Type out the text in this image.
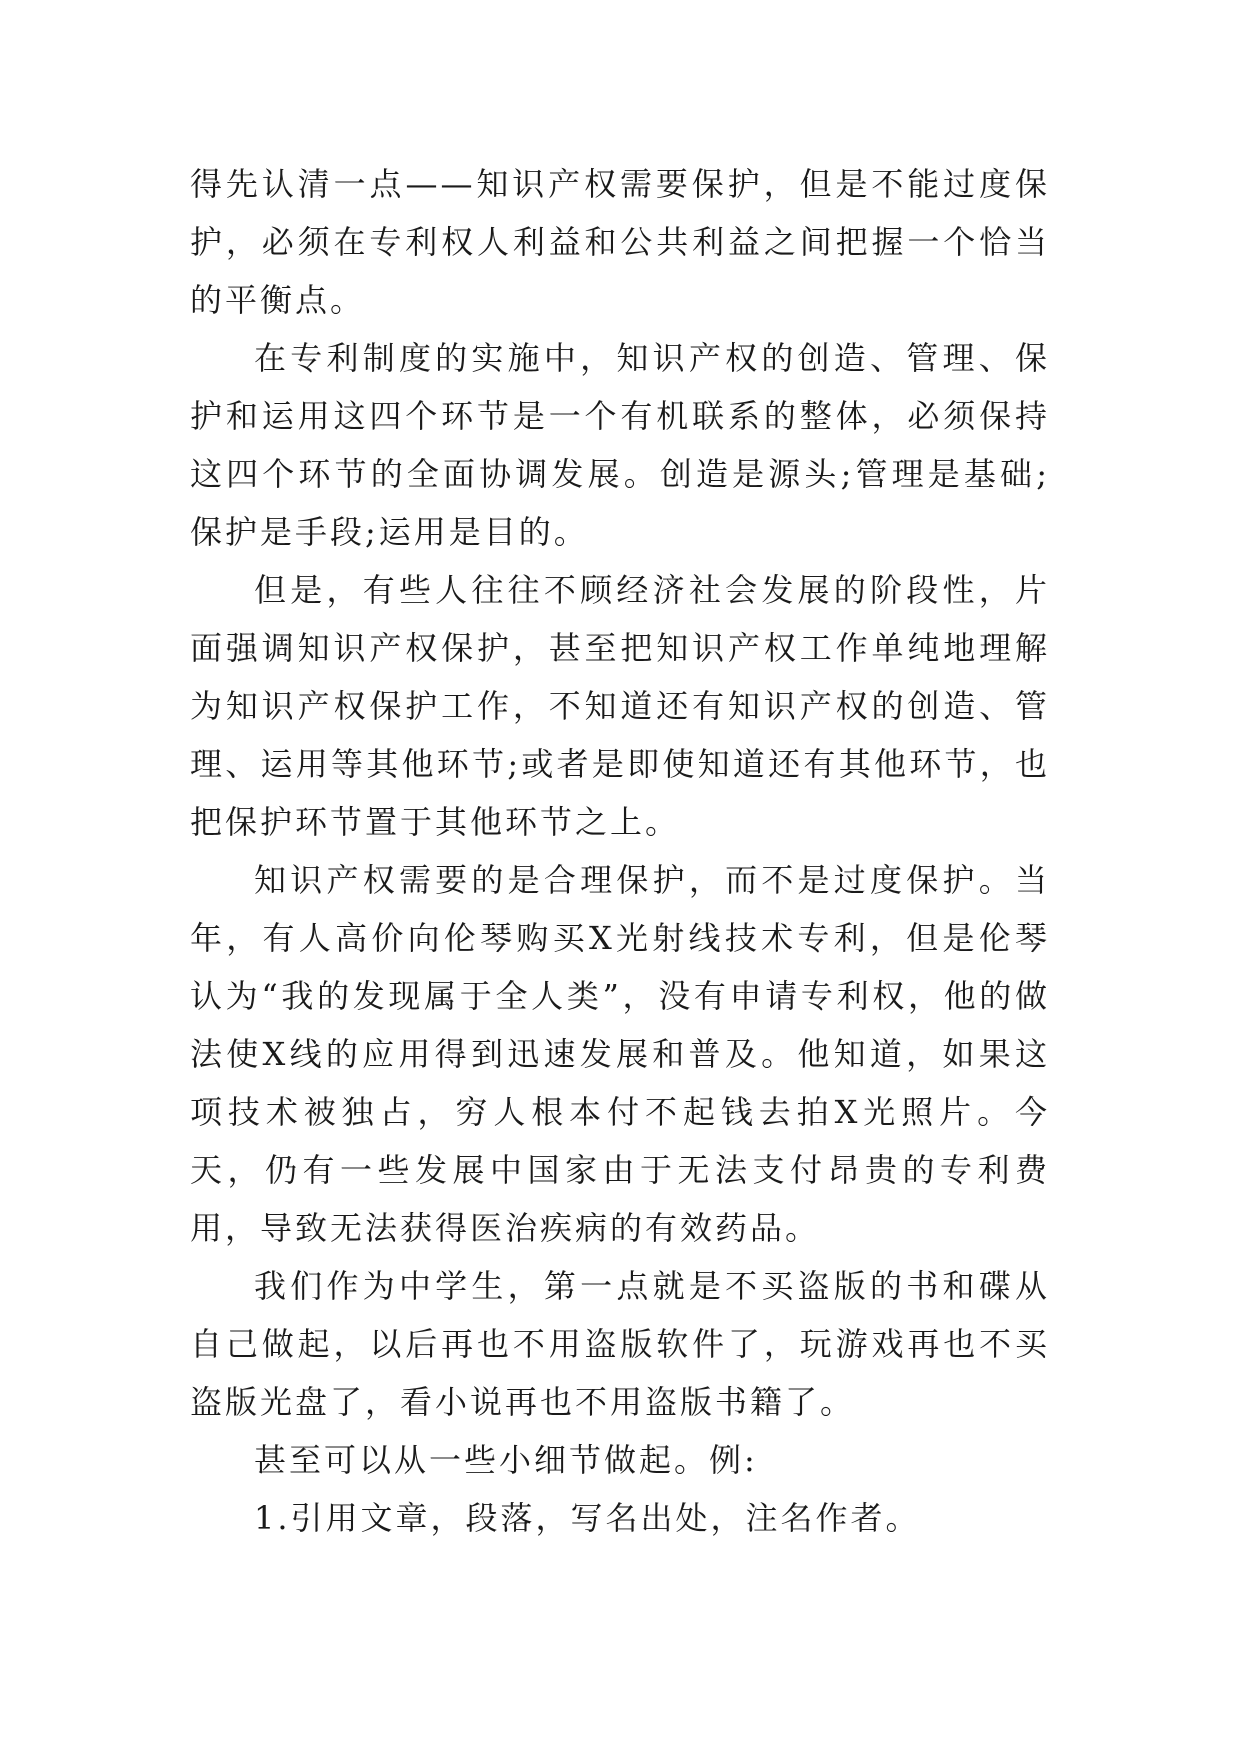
得先认清一点——知识产权需要保护，但是不能过度保护，必须在专利权人利益和公共利益之间把握一个恰当的平衡点。

在专利制度的实施中，知识产权的创造、管理、保护和运用这四个环节是一个有机联系的整体，必须保持这四个环节的全面协调发展。创造是源头;管理是基础;保护是手段;运用是目的。

但是，有些人往往不顾经济社会发展的阶段性，片面强调知识产权保护，甚至把知识产权工作单纯地理解为知识产权保护工作，不知道还有知识产权的创造、管理、运用等其他环节;或者是即使知道还有其他环节，也把保护环节置于其他环节之上。

知识产权需要的是合理保护，而不是过度保护。当年，有人高价向伦琴购买X光射线技术专利，但是伦琴认为“我的发现属于全人类”，没有申请专利权，他的做法使X线的应用得到迅速发展和普及。他知道，如果这项技术被独占，穷人根本付不起钱去拍X光照片。今天，仍有一些发展中国家由于无法支付昂贵的专利费用，导致无法获得医治疾病的有效药品。

我们作为中学生，第一点就是不买盗版的书和碟从自己做起，以后再也不用盗版软件了，玩游戏再也不买盗版光盘了，看小说再也不用盗版书籍了。

甚至可以从一些小细节做起。例:

1.引用文章，段落，写名出处，注名作者。
